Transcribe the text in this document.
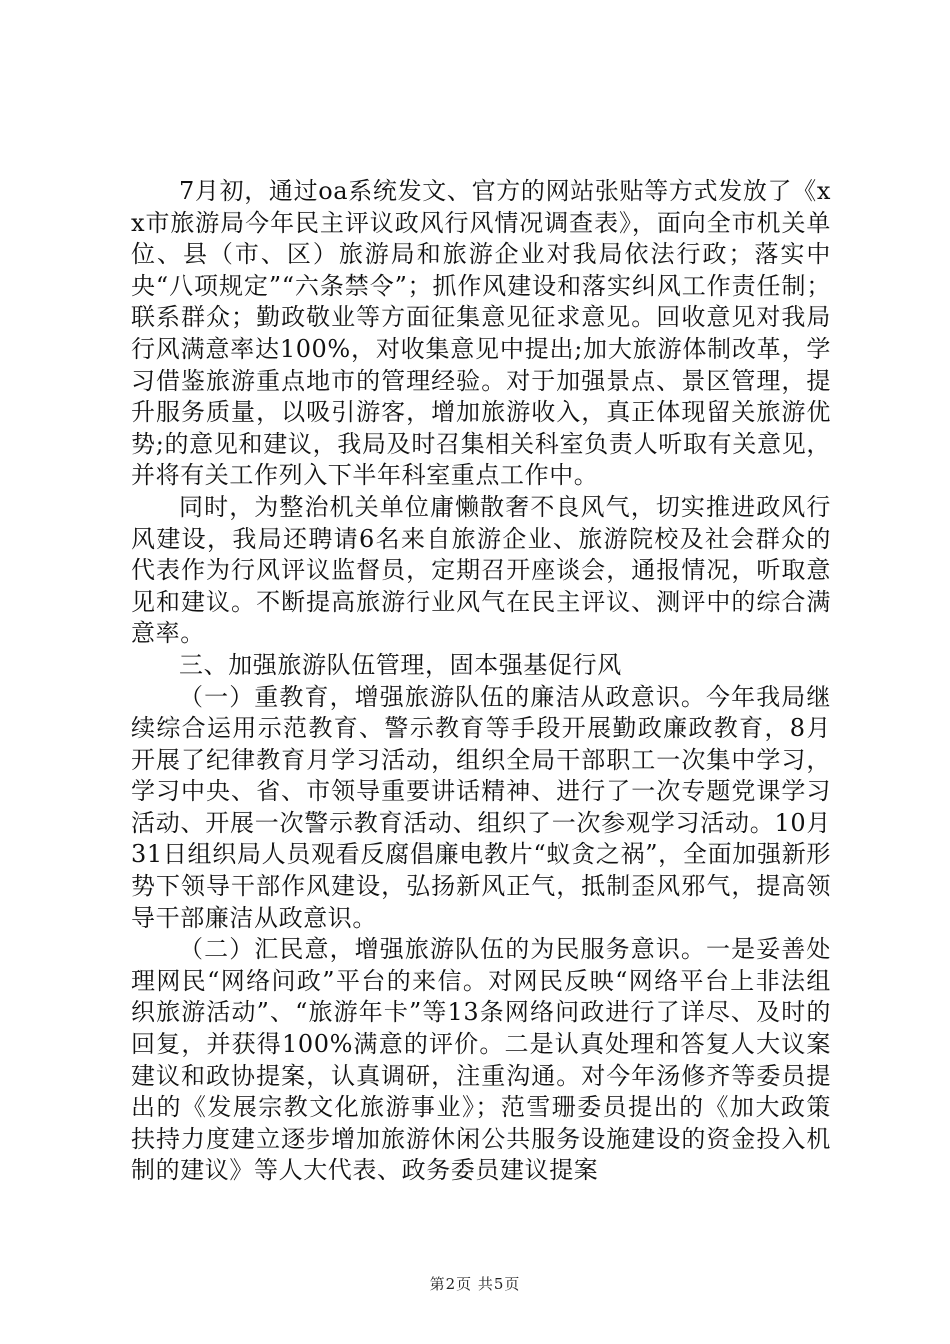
7月初，通过oa系统发文、官方的网站张贴等方式发放了《xx市旅游局今年民主评议政风行风情况调查表》，面向全市机关单位、县（市、区）旅游局和旅游企业对我局依法行政；落实中央“八项规定”“六条禁令”；抓作风建设和落实纠风工作责任制；联系群众；勤政敬业等方面征集意见征求意见。回收意见对我局行风满意率达100%，对收集意见中提出;加大旅游体制改革，学习借鉴旅游重点地市的管理经验。对于加强景点、景区管理，提升服务质量，以吸引游客，增加旅游收入，真正体现留关旅游优势;的意见和建议，我局及时召集相关科室负责人听取有关意见，并将有关工作列入下半年科室重点工作中。

同时，为整治机关单位庸懒散奢不良风气，切实推进政风行风建设，我局还聘请6名来自旅游企业、旅游院校及社会群众的代表作为行风评议监督员，定期召开座谈会，通报情况，听取意见和建议。不断提高旅游行业风气在民主评议、测评中的综合满意率。

三、加强旅游队伍管理，固本强基促行风

（一）重教育，增强旅游队伍的廉洁从政意识。今年我局继续综合运用示范教育、警示教育等手段开展勤政廉政教育，8月开展了纪律教育月学习活动，组织全局干部职工一次集中学习，学习中央、省、市领导重要讲话精神、进行了一次专题党课学习活动、开展一次警示教育活动、组织了一次参观学习活动。10月31日组织局人员观看反腐倡廉电教片“蚁贪之祸”，全面加强新形势下领导干部作风建设，弘扬新风正气，抵制歪风邪气，提高领导干部廉洁从政意识。

（二）汇民意，增强旅游队伍的为民服务意识。一是妥善处理网民“网络问政”平台的来信。对网民反映“网络平台上非法组织旅游活动”、“旅游年卡”等13条网络问政进行了详尽、及时的回复，并获得100%满意的评价。二是认真处理和答复人大议案建议和政协提案，认真调研，注重沟通。对今年汤修齐等委员提出的《发展宗教文化旅游事业》；范雪珊委员提出的《加大政策扶持力度建立逐步增加旅游休闲公共服务设施建设的资金投入机制的建议》等人大代表、政务委员建议提案

第2页 共5页
